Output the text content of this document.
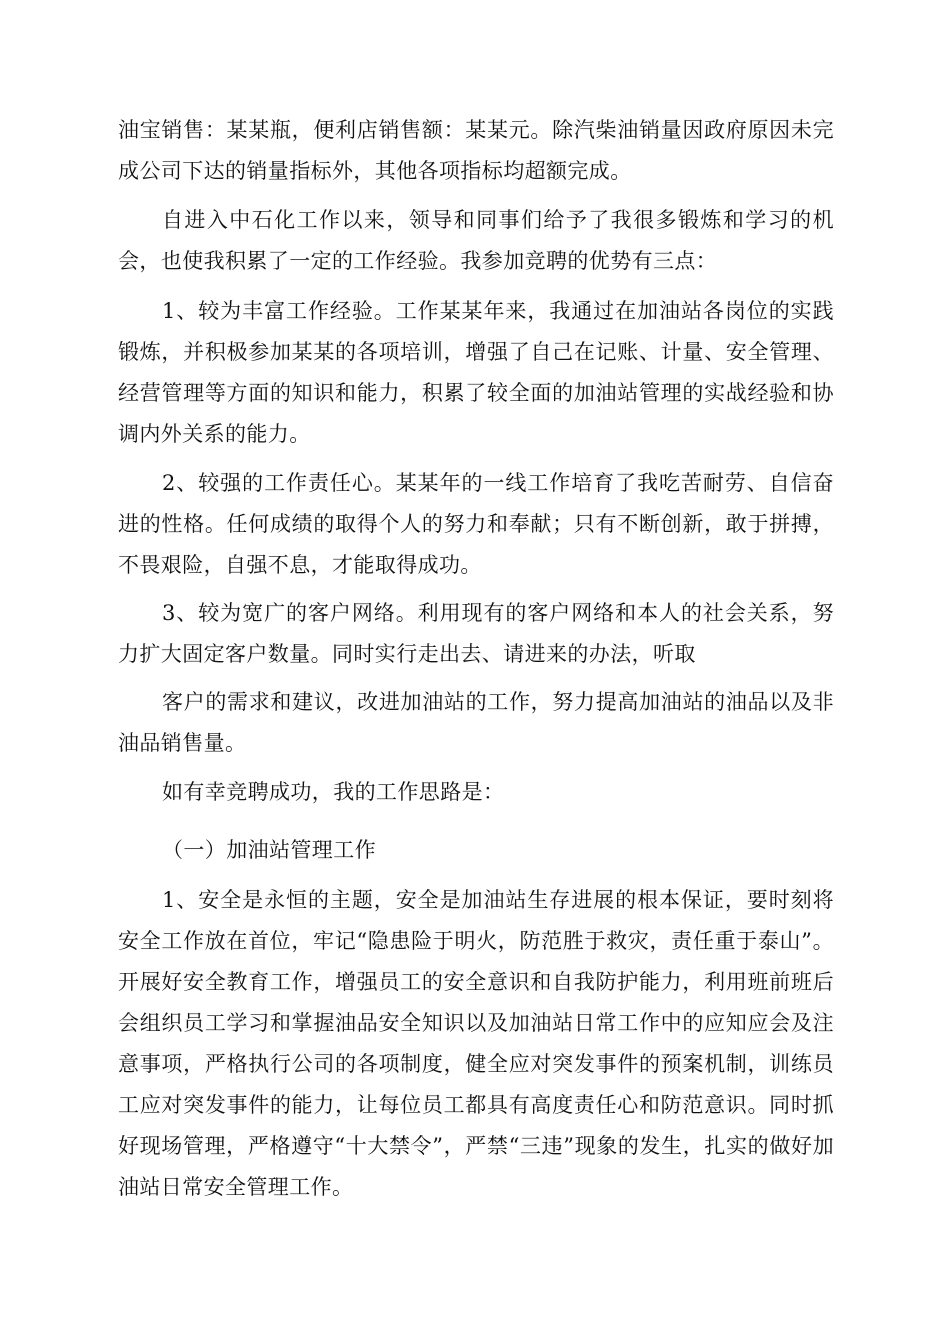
油宝销售：某某瓶，便利店销售额：某某元。除汽柴油销量因政府原因未完成公司下达的销量指标外，其他各项指标均超额完成。

自进入中石化工作以来，领导和同事们给予了我很多锻炼和学习的机会，也使我积累了一定的工作经验。我参加竞聘的优势有三点：

1、较为丰富工作经验。工作某某年来，我通过在加油站各岗位的实践锻炼，并积极参加某某的各项培训，增强了自己在记账、计量、安全管理、经营管理等方面的知识和能力，积累了较全面的加油站管理的实战经验和协调内外关系的能力。

2、较强的工作责任心。某某年的一线工作培育了我吃苦耐劳、自信奋进的性格。任何成绩的取得个人的努力和奉献；只有不断创新，敢于拼搏，不畏艰险，自强不息，才能取得成功。

3、较为宽广的客户网络。利用现有的客户网络和本人的社会关系，努力扩大固定客户数量。同时实行走出去、请进来的办法，听取

客户的需求和建议，改进加油站的工作，努力提高加油站的油品以及非油品销售量。

如有幸竞聘成功，我的工作思路是：

（一）加油站管理工作

1、安全是永恒的主题，安全是加油站生存进展的根本保证，要时刻将安全工作放在首位，牢记“隐患险于明火，防范胜于救灾，责任重于泰山”。开展好安全教育工作，增强员工的安全意识和自我防护能力，利用班前班后会组织员工学习和掌握油品安全知识以及加油站日常工作中的应知应会及注意事项，严格执行公司的各项制度，健全应对突发事件的预案机制，训练员工应对突发事件的能力，让每位员工都具有高度责任心和防范意识。同时抓好现场管理，严格遵守“十大禁令”，严禁“三违”现象的发生，扎实的做好加油站日常安全管理工作。
